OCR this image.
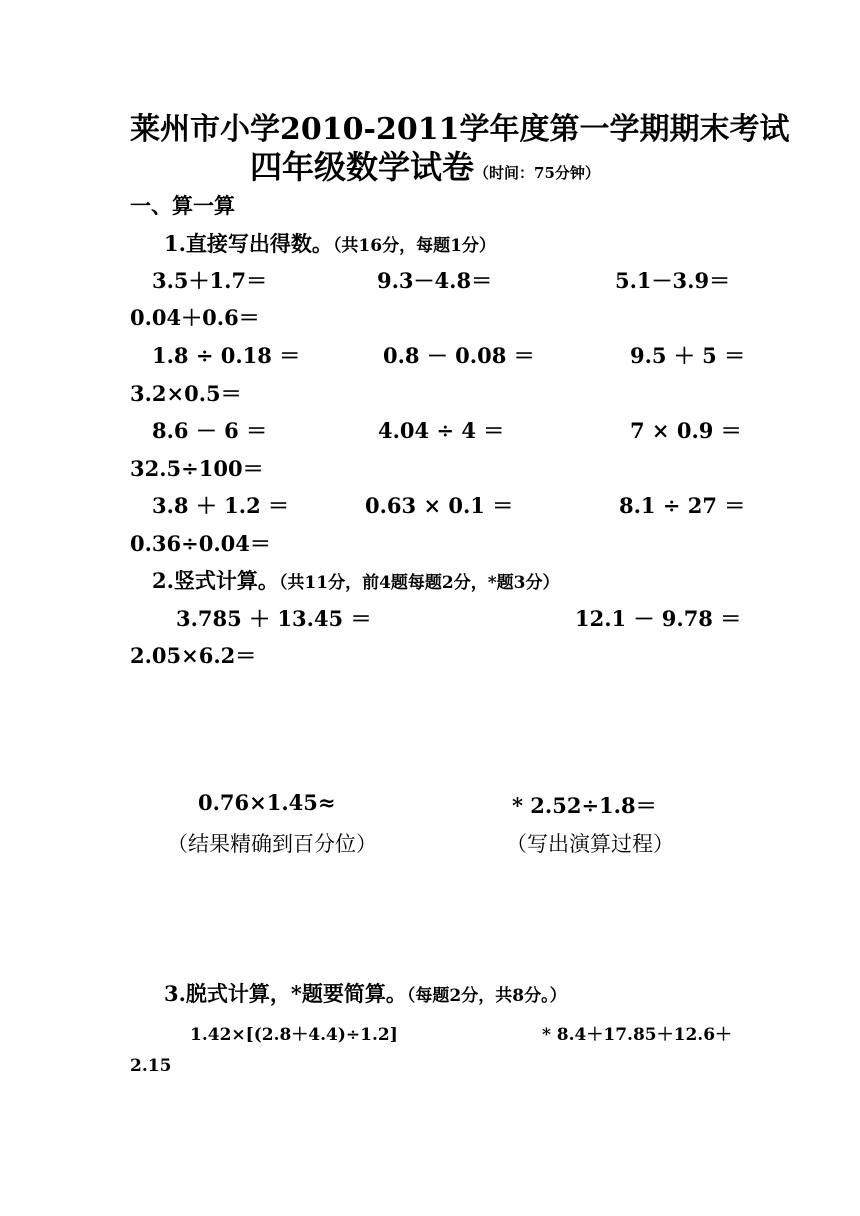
莱州市小学2010-2011学年度第一学期期末考试
四年级数学试卷（时间：75分钟）
一、算一算
1.直接写出得数。（共16分，每题1分）
3.5＋1.7＝	9.3－4.8＝	5.1－3.9＝
0.04＋0.6＝
1.8 ÷ 0.18 ＝	0.8 － 0.08 ＝	9.5 ＋ 5 ＝
3.2×0.5＝
8.6 － 6 ＝	4.04 ÷ 4 ＝	7 × 0.9 ＝
32.5÷100＝
3.8 ＋ 1.2 ＝	0.63 × 0.1 ＝	8.1 ÷ 27 ＝
0.36÷0.04＝
2.竖式计算。（共11分，前4题每题2分，*题3分）
3.785 ＋ 13.45 ＝	12.1 － 9.78 ＝
2.05×6.2＝
0.76×1.45≈
（结果精确到百分位）
* 2.52÷1.8＝
（写出演算过程）
3.脱式计算，*题要简算。（每题2分，共8分。）
1.42×[(2.8＋4.4)÷1.2]	* 8.4＋17.85＋12.6＋
2.15
